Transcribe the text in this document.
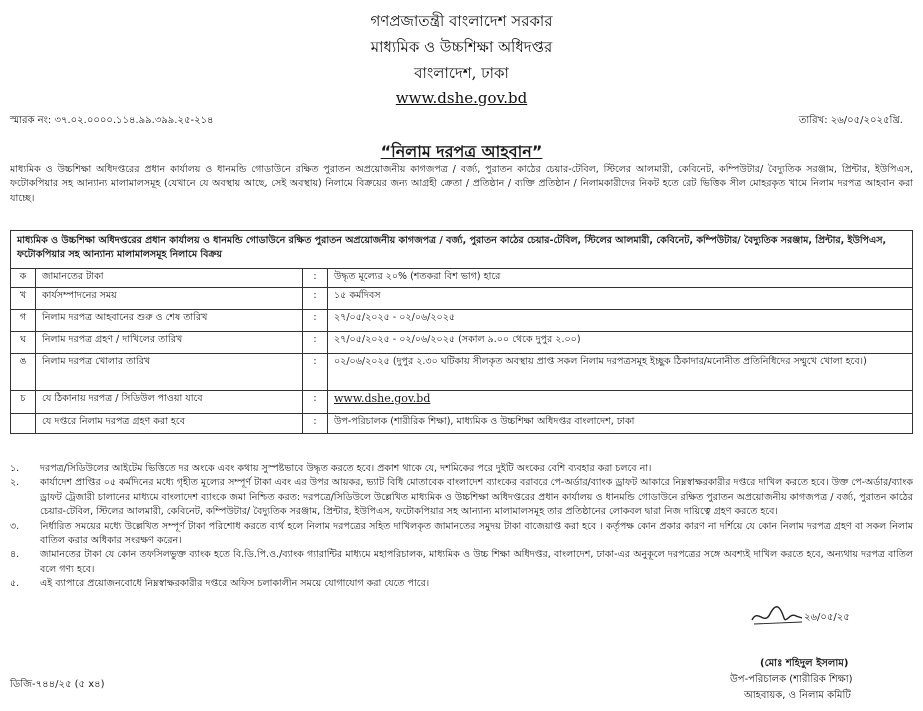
গণপ্রজাতন্ত্রী বাংলাদেশ সরকার
মাধ্যমিক ও উচ্চশিক্ষা অধিদপ্তর
বাংলাদেশ, ঢাকা
www.dshe.gov.bd
স্মারক নং: ৩৭.০২.০০০০.১১৪.৯৯.৩৯৯.২৫-২১৪	তারিখ: ২৬/০৫/২০২৫খ্রি.
“নিলাম দরপত্র আহবান”
মাধ্যমিক ও উচ্চশিক্ষা অধিদপ্তরের প্রধান কার্যালয় ও ধানমন্ডি গোডাউনে রক্ষিত পুরাতন অপ্রয়োজনীয় কাগজপত্র / বর্জ্য, পুরাতন কাঠের চেয়ার-টেবিল, স্টিলের আলমারী, কেবিনেট, কম্পিউটার/ বৈদ্যুতিক সরঞ্জাম, প্রিন্টার, ইউপিএস, ফটোকপিয়ার সহ আন্যান্য মালামালসমূহ (যেখানে যে অবস্থায় আছে, সেই অবস্থায়) নিলামে বিক্রয়ের জন্য আগ্রহী ক্রেতা / প্রতিষ্ঠান / ব্যক্তি প্রতিষ্ঠান / নিলামকারীদের নিকট হতে রেট ভিত্তিক সীল মোহরকৃত খামে নিলাম দরপত্র আহবান করা যাচ্ছে।
মাধ্যমিক ও উচ্চশিক্ষা অধিদপ্তরের প্রধান কার্যালয় ও ধানমন্ডি গোডাউনে রক্ষিত পুরাতন অপ্রয়োজনীয় কাগজপত্র / বর্জ্য, পুরাতন কাঠের চেয়ার-টেবিল, স্টিলের আলমারী, কেবিনেট, কম্পিউটার/ বৈদ্যুতিক সরঞ্জাম, প্রিন্টার, ইউপিএস, ফটোকপিয়ার সহ আন্যান্য মালামালসমূহ নিলামে বিক্রয়			
ক	জামানতের টাকা	:	উদ্ধৃত মূল্যের ২০% (শতকরা বিশ ভাগ) হারে
খ	কার্যসম্পাদনের সময়	:	১৫ কর্মদিবস
গ	নিলাম দরপত্র আহবানের শুরু ও শেষ তারিখ	:	২৭/০৫/২০২৫ - ০২/০৬/২০২৫
ঘ	নিলাম দরপত্র গ্রহণ / দাখিলের তারিখ	:	২৭/০৫/২০২৫ - ০২/০৬/২০২৫ (সকাল ৯.০০ থেকে দুপুর ২.০০)
ঙ	নিলাম দরপত্র খোলার তারিখ	:	০২/০৬/২০২৫ (দুপুর ২.৩০ ঘটিকায় সীলকৃত অবস্থায় প্রাপ্ত সকল নিলাম দরপত্রসমূহ ইচ্ছুক ঠিকাদার/মনোনীত প্রতিনিধিদের সম্মুখে খোলা হবে।)
চ	যে ঠিকানায় দরপত্র / সিডিউল পাওয়া যাবে	:	www.dshe.gov.bd
	যে দপ্তরে নিলাম দরপত্র গ্রহণ করা হবে	:	উপ-পরিচালক (শারীরিক শিক্ষা), মাধ্যমিক ও উচ্চশিক্ষা অধিদপ্তর বাংলাদেশ, ঢাকা
১.	দরপত্র/সিডিউলের আইটেম ভিত্তিতে দর অংকে এবং কথায় সুস্পষ্টভাবে উদ্ধৃত করতে হবে। প্রকাশ থাকে যে, দশমিকের পরে দুইটি অংকের বেশি ব্যবহার করা চলবে না।
২.	কার্যাদেশ প্রাপ্তির ০৫ কর্মদিনের মধ্যে গৃহীত মূল্যের সম্পূর্ণ টাকা এবং এর উপর আয়কর, ভ্যাট বিধি মোতাবেক বাংলাদেশ ব্যাংকের বরাবরে পে-অর্ডার/ব্যাংক ড্রাফট আকারে নিম্নস্বাক্ষরকারীর দপ্তরে দাখিল করতে হবে। উক্ত পে-অর্ডার/ব্যাংক ড্রাফট ট্রেজারী চালানের মাধ্যমে বাংলাদেশ ব্যাংকে জমা নিশ্চিত করত: দরপত্রে/সিডিউলে উল্লেখিত মাধ্যমিক ও উচ্চশিক্ষা অধিদপ্তরের প্রধান কার্যালয় ও ধানমন্ডি গোডাউনে রক্ষিত পুরাতন অপ্রয়োজনীয় কাগজপত্র / বর্জ্য, পুরাতন কাঠের চেয়ার-টেবিল, স্টিলের আলমারী, কেবিনেট, কম্পিউটার/ বৈদ্যুতিক সরঞ্জাম, প্রিন্টার, ইউপিএস, ফটোকপিয়ার সহ আন্যান্য মালামালসমূহ তার প্রতিষ্ঠানের লোকবল দ্বারা নিজ দায়িত্বে গ্রহণ করতে হবে।
৩.	নির্ধারিত সময়ের মধ্যে উল্লেখিত সম্পূর্ণ টাকা পরিশোধ করতে ব্যর্থ হলে নিলাম দরপত্রের সহিত দাখিলকৃত জামানতের সমুদয় টাকা বাজেয়াপ্ত করা হবে । কর্তৃপক্ষ কোন প্রকার কারণ না দর্শিয়ে যে কোন নিলাম দরপত্র গ্রহণ বা সকল নিলাম বাতিল করার অধিকার সংরক্ষণ করেন।
৪.	জামানতের টাকা যে কোন তফসিলভুক্ত ব্যাংক হতে বি.ডি.পি.ও./ব্যাংক গ্যারান্টির মাধ্যমে মহাপরিচালক, মাধ্যমিক ও উচ্চ শিক্ষা অধিদপ্তর, বাংলাদেশ, ঢাকা-এর অনুকূলে দরপত্রের সঙ্গে অবশ্যই দাখিল করতে হবে, অন্যথায় দরপত্র বাতিল বলে গণ্য হবে।
৫.	এই ব্যাপারে প্রয়োজনবোধে নিম্নস্বাক্ষরকারীর দপ্তরে অফিস চলাকালীন সময়ে যোগাযোগ করা যেতে পারে।
২৬/০৫/২৫
(মোঃ শহিদুল ইসলাম)
উপ-পরিচালক (শারীরিক শিক্ষা)
আহবায়ক, ও নিলাম কমিটি
ডিজি-৭৪৪/২৫ (৫ x৪)
